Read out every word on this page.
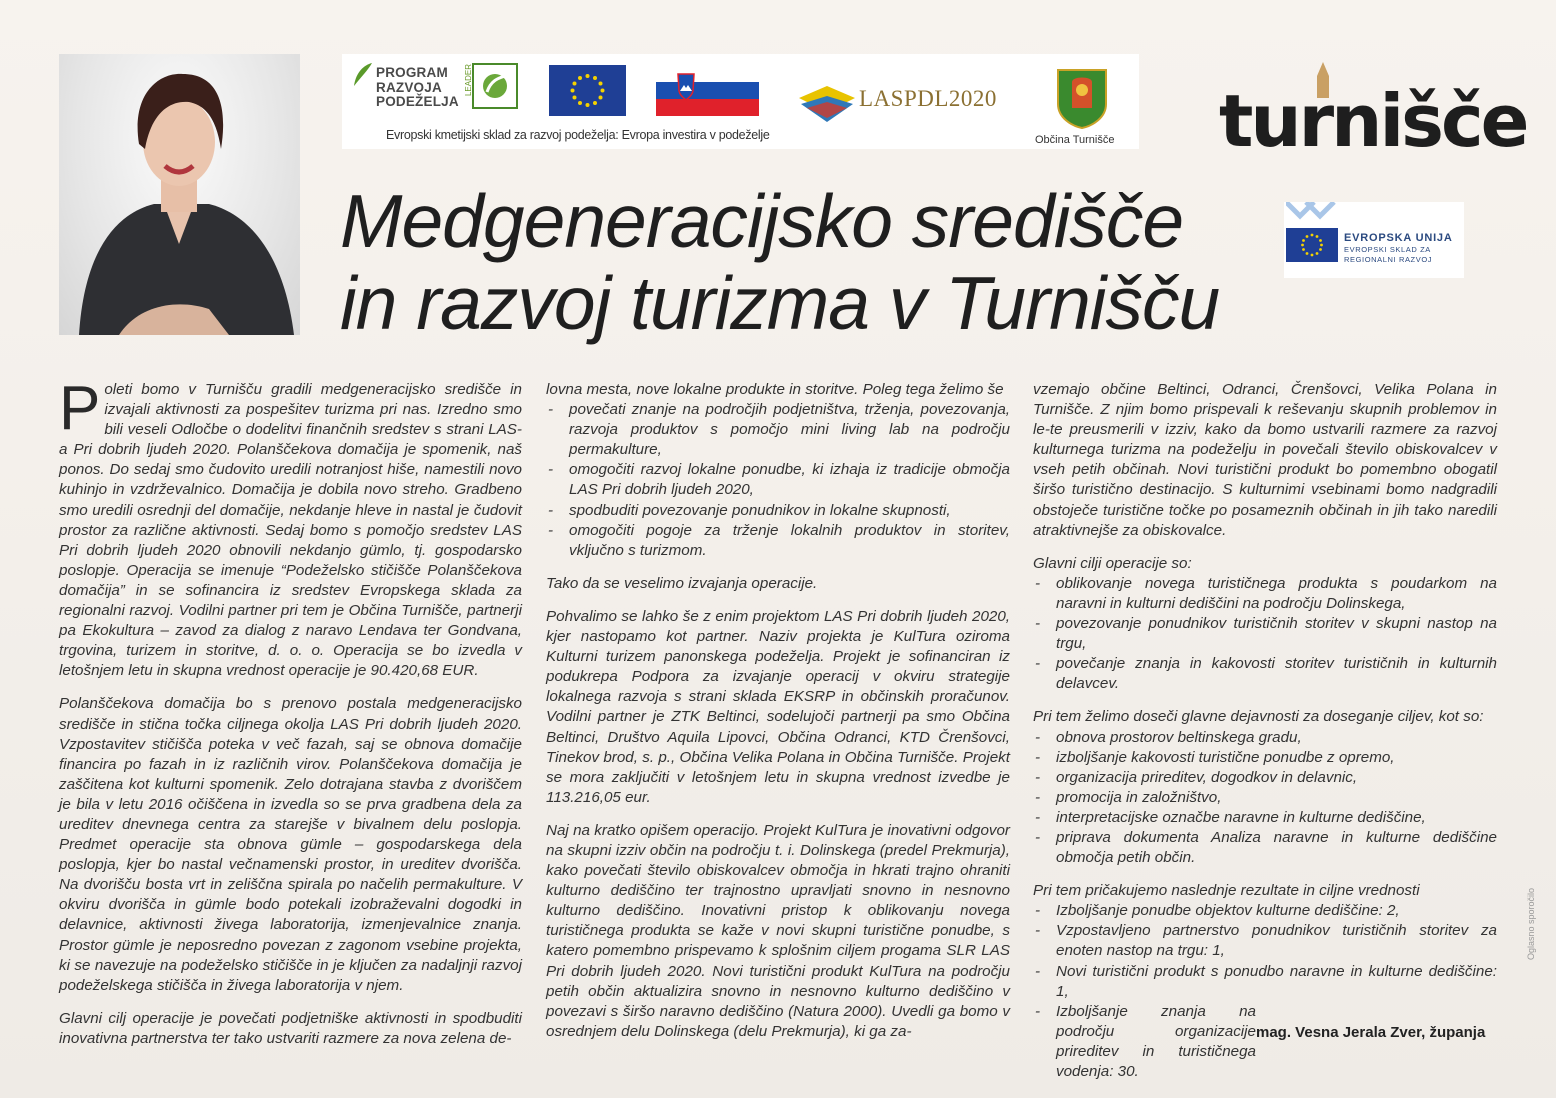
PROGRAM
RAZVOJA
PODEŽELJA
LEADER
LASPDL2020
Občina Turnišče
Evropski kmetijski sklad za razvoj podeželja: Evropa investira v podeželje	turnišče
EVROPSKA UNIJA
EVROPSKI SKLAD ZA REGIONALNI RAZVOJ
Medgeneracijsko središče
in razvoj turizma v Turnišču

Poleti bomo v Turnišču gradili medgeneracijsko središče in izvajali aktivnosti za pospešitev turizma pri nas. Izredno smo bili veseli Odločbe o dodelitvi finančnih sredstev s strani LAS-a Pri dobrih ljudeh 2020. Polanščekova domačija je spomenik, naš ponos. Do sedaj smo čudovito uredili notranjost hiše, namestili novo kuhinjo in vzdrževalnico. Domačija je dobila novo streho. Gradbeno smo uredili osrednji del domačije, nekdanje hleve in nastal je čudovit prostor za različne aktivnosti. Sedaj bomo s pomočjo sredstev LAS Pri dobrih ljudeh 2020 obnovili nekdanjo gümlo, tj. gospodarsko poslopje. Operacija se imenuje “Podeželsko stičišče Polanščekova domačija” in se sofinancira iz sredstev Evropskega sklada za regionalni razvoj. Vodilni partner pri tem je Občina Turnišče, partnerji pa Ekokultura – zavod za dialog z naravo Lendava ter Gondvana, trgovina, turizem in storitve, d. o. o. Operacija se bo izvedla v letošnjem letu in skupna vrednost operacije je 90.420,68 EUR.

Polanščekova domačija bo s prenovo postala medgeneracijsko središče in stična točka ciljnega okolja LAS Pri dobrih ljudeh 2020. Vzpostavitev stičišča poteka v več fazah, saj se obnova domačije financira po fazah in iz različnih virov. Polanščekova domačija je zaščitena kot kulturni spomenik. Zelo dotrajana stavba z dvoriščem je bila v letu 2016 očiščena in izvedla so se prva gradbena dela za ureditev dnevnega centra za starejše v bivalnem delu poslopja. Predmet operacije sta obnova gümle – gospodarskega dela poslopja, kjer bo nastal večnamenski prostor, in ureditev dvorišča. Na dvorišču bosta vrt in zeliščna spirala po načelih permakulture. V okviru dvorišča in gümle bodo potekali izobraževalni dogodki in delavnice, aktivnosti živega laboratorija, izmenjevalnice znanja. Prostor gümle je neposredno povezan z zagonom vsebine projekta, ki se navezuje na podeželsko stičišče in je ključen za nadaljnji razvoj podeželskega stičišča in živega laboratorija v njem.

Glavni cilj operacije je povečati podjetniške aktivnosti in spodbuditi inovativna partnerstva ter tako ustvariti razmere za nova zelena de-

lovna mesta, nove lokalne produkte in storitve. Poleg tega želimo še

- povečati znanje na področjih podjetništva, trženja, povezovanja, razvoja produktov s pomočjo mini living lab na področju permakulture,
- omogočiti razvoj lokalne ponudbe, ki izhaja iz tradicije območja LAS Pri dobrih ljudeh 2020,
- spodbuditi povezovanje ponudnikov in lokalne skupnosti,
- omogočiti pogoje za trženje lokalnih produktov in storitev, vključno s turizmom.

Tako da se veselimo izvajanja operacije.

Pohvalimo se lahko še z enim projektom LAS Pri dobrih ljudeh 2020, kjer nastopamo kot partner. Naziv projekta je KulTura oziroma Kulturni turizem panonskega podeželja. Projekt je sofinanciran iz podukrepa Podpora za izvajanje operacij v okviru strategije lokalnega razvoja s strani sklada EKSRP in občinskih proračunov. Vodilni partner je ZTK Beltinci, sodelujoči partnerji pa smo Občina Beltinci, Društvo Aquila Lipovci, Občina Odranci, KTD Črenšovci, Tinekov brod, s. p., Občina Velika Polana in Občina Turnišče. Projekt se mora zaključiti v letošnjem letu in skupna vrednost izvedbe je 113.216,05 eur.

Naj na kratko opišem operacijo. Projekt KulTura je inovativni odgovor na skupni izziv občin na področju t. i. Dolinskega (predel Prekmurja), kako povečati število obiskovalcev območja in hkrati trajno ohraniti kulturno dediščino ter trajnostno upravljati snovno in nesnovno kulturno dediščino. Inovativni pristop k oblikovanju novega turističnega produkta se kaže v novi skupni turistične ponudbe, s katero pomembno prispevamo k splošnim ciljem progama SLR LAS Pri dobrih ljudeh 2020. Novi turistični produkt KulTura na področju petih občin aktualizira snovno in nesnovno kulturno dediščino v povezavi s širšo naravno dediščino (Natura 2000). Uvedli ga bomo v osrednjem delu Dolinskega (delu Prekmurja), ki ga za-

vzemajo občine Beltinci, Odranci, Črenšovci, Velika Polana in Turnišče. Z njim bomo prispevali k reševanju skupnih problemov in le-te preusmerili v izziv, kako da bomo ustvarili razmere za razvoj kulturnega turizma na podeželju in povečali število obiskovalcev v vseh petih občinah. Novi turistični produkt bo pomembno obogatil širšo turistično destinacijo. S kulturnimi vsebinami bomo nadgradili obstoječe turistične točke po posameznih občinah in jih tako naredili atraktivnejše za obiskovalce.

Glavni cilji operacije so:

- oblikovanje novega turističnega produkta s poudarkom na naravni in kulturni dediščini na področju Dolinskega,
- povezovanje ponudnikov turističnih storitev v skupni nastop na trgu,
- povečanje znanja in kakovosti storitev turističnih in kulturnih delavcev.

Pri tem želimo doseči glavne dejavnosti za doseganje ciljev, kot so:

- obnova prostorov beltinskega gradu,
- izboljšanje kakovosti turistične ponudbe z opremo,
- organizacija prireditev, dogodkov in delavnic,
- promocija in založništvo,
- interpretacijske označbe naravne in kulturne dediščine,
- priprava dokumenta Analiza naravne in kulturne dediščine območja petih občin.

Pri tem pričakujemo naslednje rezultate in ciljne vrednosti

- Izboljšanje ponudbe objektov kulturne dediščine: 2,
- Vzpostavljeno partnerstvo ponudnikov turističnih storitev za enoten nastop na trgu: 1,
- Novi turistični produkt s ponudbo naravne in kulturne dediščine: 1,
- Izboljšanje znanja na področju organizacije prireditev in turističnega vodenja: 30.
mag. Vesna Jerala Zver, županja
Oglasno sporočilo
